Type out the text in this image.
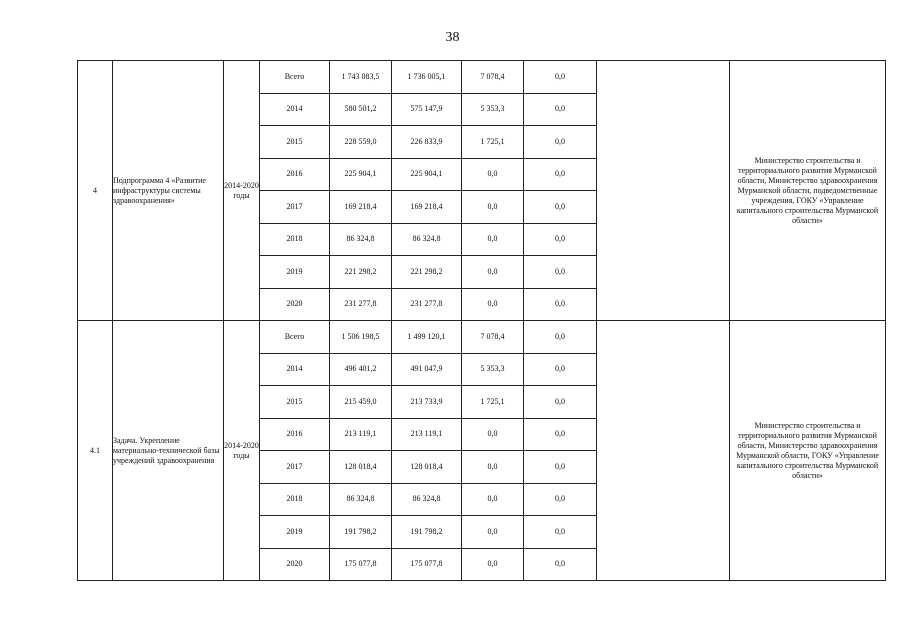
38
4	Подпрограмма 4 «Развитие инфраструктуры системы здравоохранения»	2014-2020 годы	Всего	1 743 083,5	1 736 005,1	7 078,4	0,0		Министерство строительства и территориального развития Мурманской области, Министерство здравоохранения Мурманской области, подведомственные учреждения, ГОКУ «Управление капитального строительства Мурманской области»
			2014	580 501,2	575 147,9	5 353,3	0,0		
			2015	228 559,0	226 833,9	1 725,1	0,0		
			2016	225 904,1	225 904,1	0,0	0,0		
			2017	169 218,4	169 218,4	0,0	0,0		
			2018	86 324,8	86 324,8	0,0	0,0		
			2019	221 298,2	221 298,2	0,0	0,0		
			2020	231 277,8	231 277,8	0,0	0,0		
4.1	Задача. Укрепление материально-технической базы учреждений здравоохранения	2014-2020 годы	Всего	1 506 198,5	1 499 120,1	7 078,4	0,0		Министерство строительства и территориального развития Мурманской области, Министерство здравоохранения Мурманской области, ГОКУ «Управление капитального строительства Мурманской области»
			2014	496 401,2	491 047,9	5 353,3	0,0		
			2015	215 459,0	213 733,9	1 725,1	0,0		
			2016	213 119,1	213 119,1	0,0	0,0		
			2017	128 018,4	128 018,4	0,0	0,0		
			2018	86 324,8	86 324,8	0,0	0,0		
			2019	191 798,2	191 798,2	0,0	0,0		
			2020	175 077,8	175 077,8	0,0	0,0		
